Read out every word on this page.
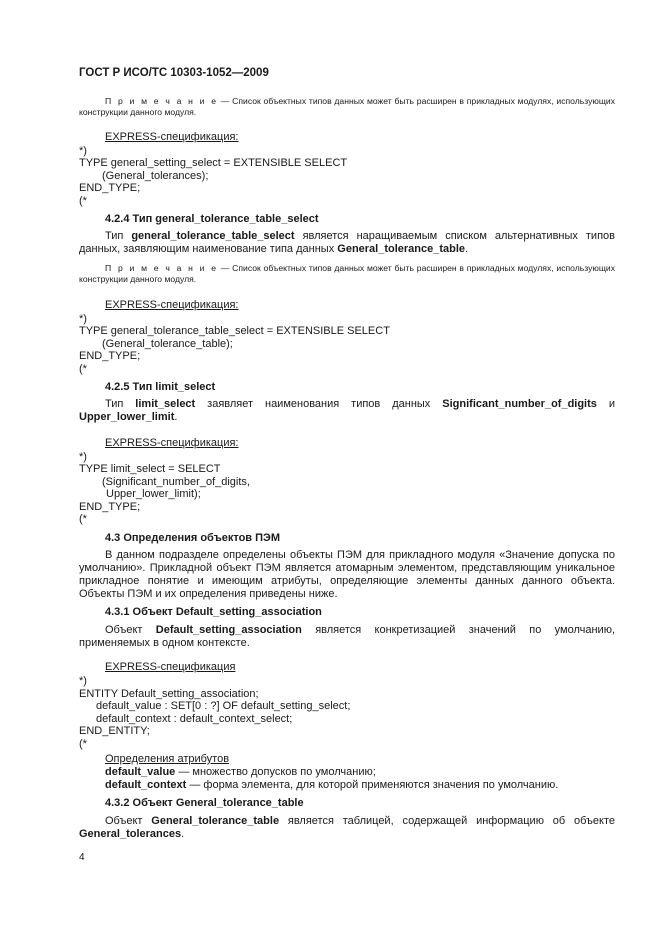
ГОСТ Р ИСО/ТС 10303-1052—2009
П р и м е ч а н и е — Список объектных типов данных может быть расширен в прикладных модулях, использующих конструкции данного модуля.
EXPRESS-спецификация:
*)
TYPE general_setting_select = EXTENSIBLE SELECT
(General_tolerances);
END_TYPE;
(*
4.2.4 Тип general_tolerance_table_select
Тип general_tolerance_table_select является наращиваемым списком альтернативных типов данных, заявляющим наименование типа данных General_tolerance_table.
П р и м е ч а н и е — Список объектных типов данных может быть расширен в прикладных модулях, использующих конструкции данного модуля.
EXPRESS-спецификация:
*)
TYPE general_tolerance_table_select = EXTENSIBLE SELECT
(General_tolerance_table);
END_TYPE;
(*
4.2.5 Тип limit_select
Тип limit_select заявляет наименования типов данных Significant_number_of_digits и
Upper_lower_limit.
EXPRESS-спецификация:
*)
TYPE limit_select = SELECT
(Significant_number_of_digits,
Upper_lower_limit);
END_TYPE;
(*
4.3 Определения объектов ПЭМ
В данном подразделе определены объекты ПЭМ для прикладного модуля «Значение допуска по умолчанию». Прикладной объект ПЭМ является атомарным элементом, представляющим уникальное прикладное понятие и имеющим атрибуты, определяющие элементы данных данного объекта. Объекты ПЭМ и их определения приведены ниже.
4.3.1 Объект Default_setting_association
Объект Default_setting_association является конкретизацией значений по умолчанию, применяемых в одном контексте.
EXPRESS-спецификация
*)
ENTITY Default_setting_association;
default_value : SET[0 : ?] OF default_setting_select;
default_context : default_context_select;
END_ENTITY;
(*
Определения атрибутов
default_value — множество допусков по умолчанию;
default_context — форма элемента, для которой применяются значения по умолчанию.
4.3.2 Объект General_tolerance_table
Объект General_tolerance_table является таблицей, содержащей информацию об объекте General_tolerances.
4
